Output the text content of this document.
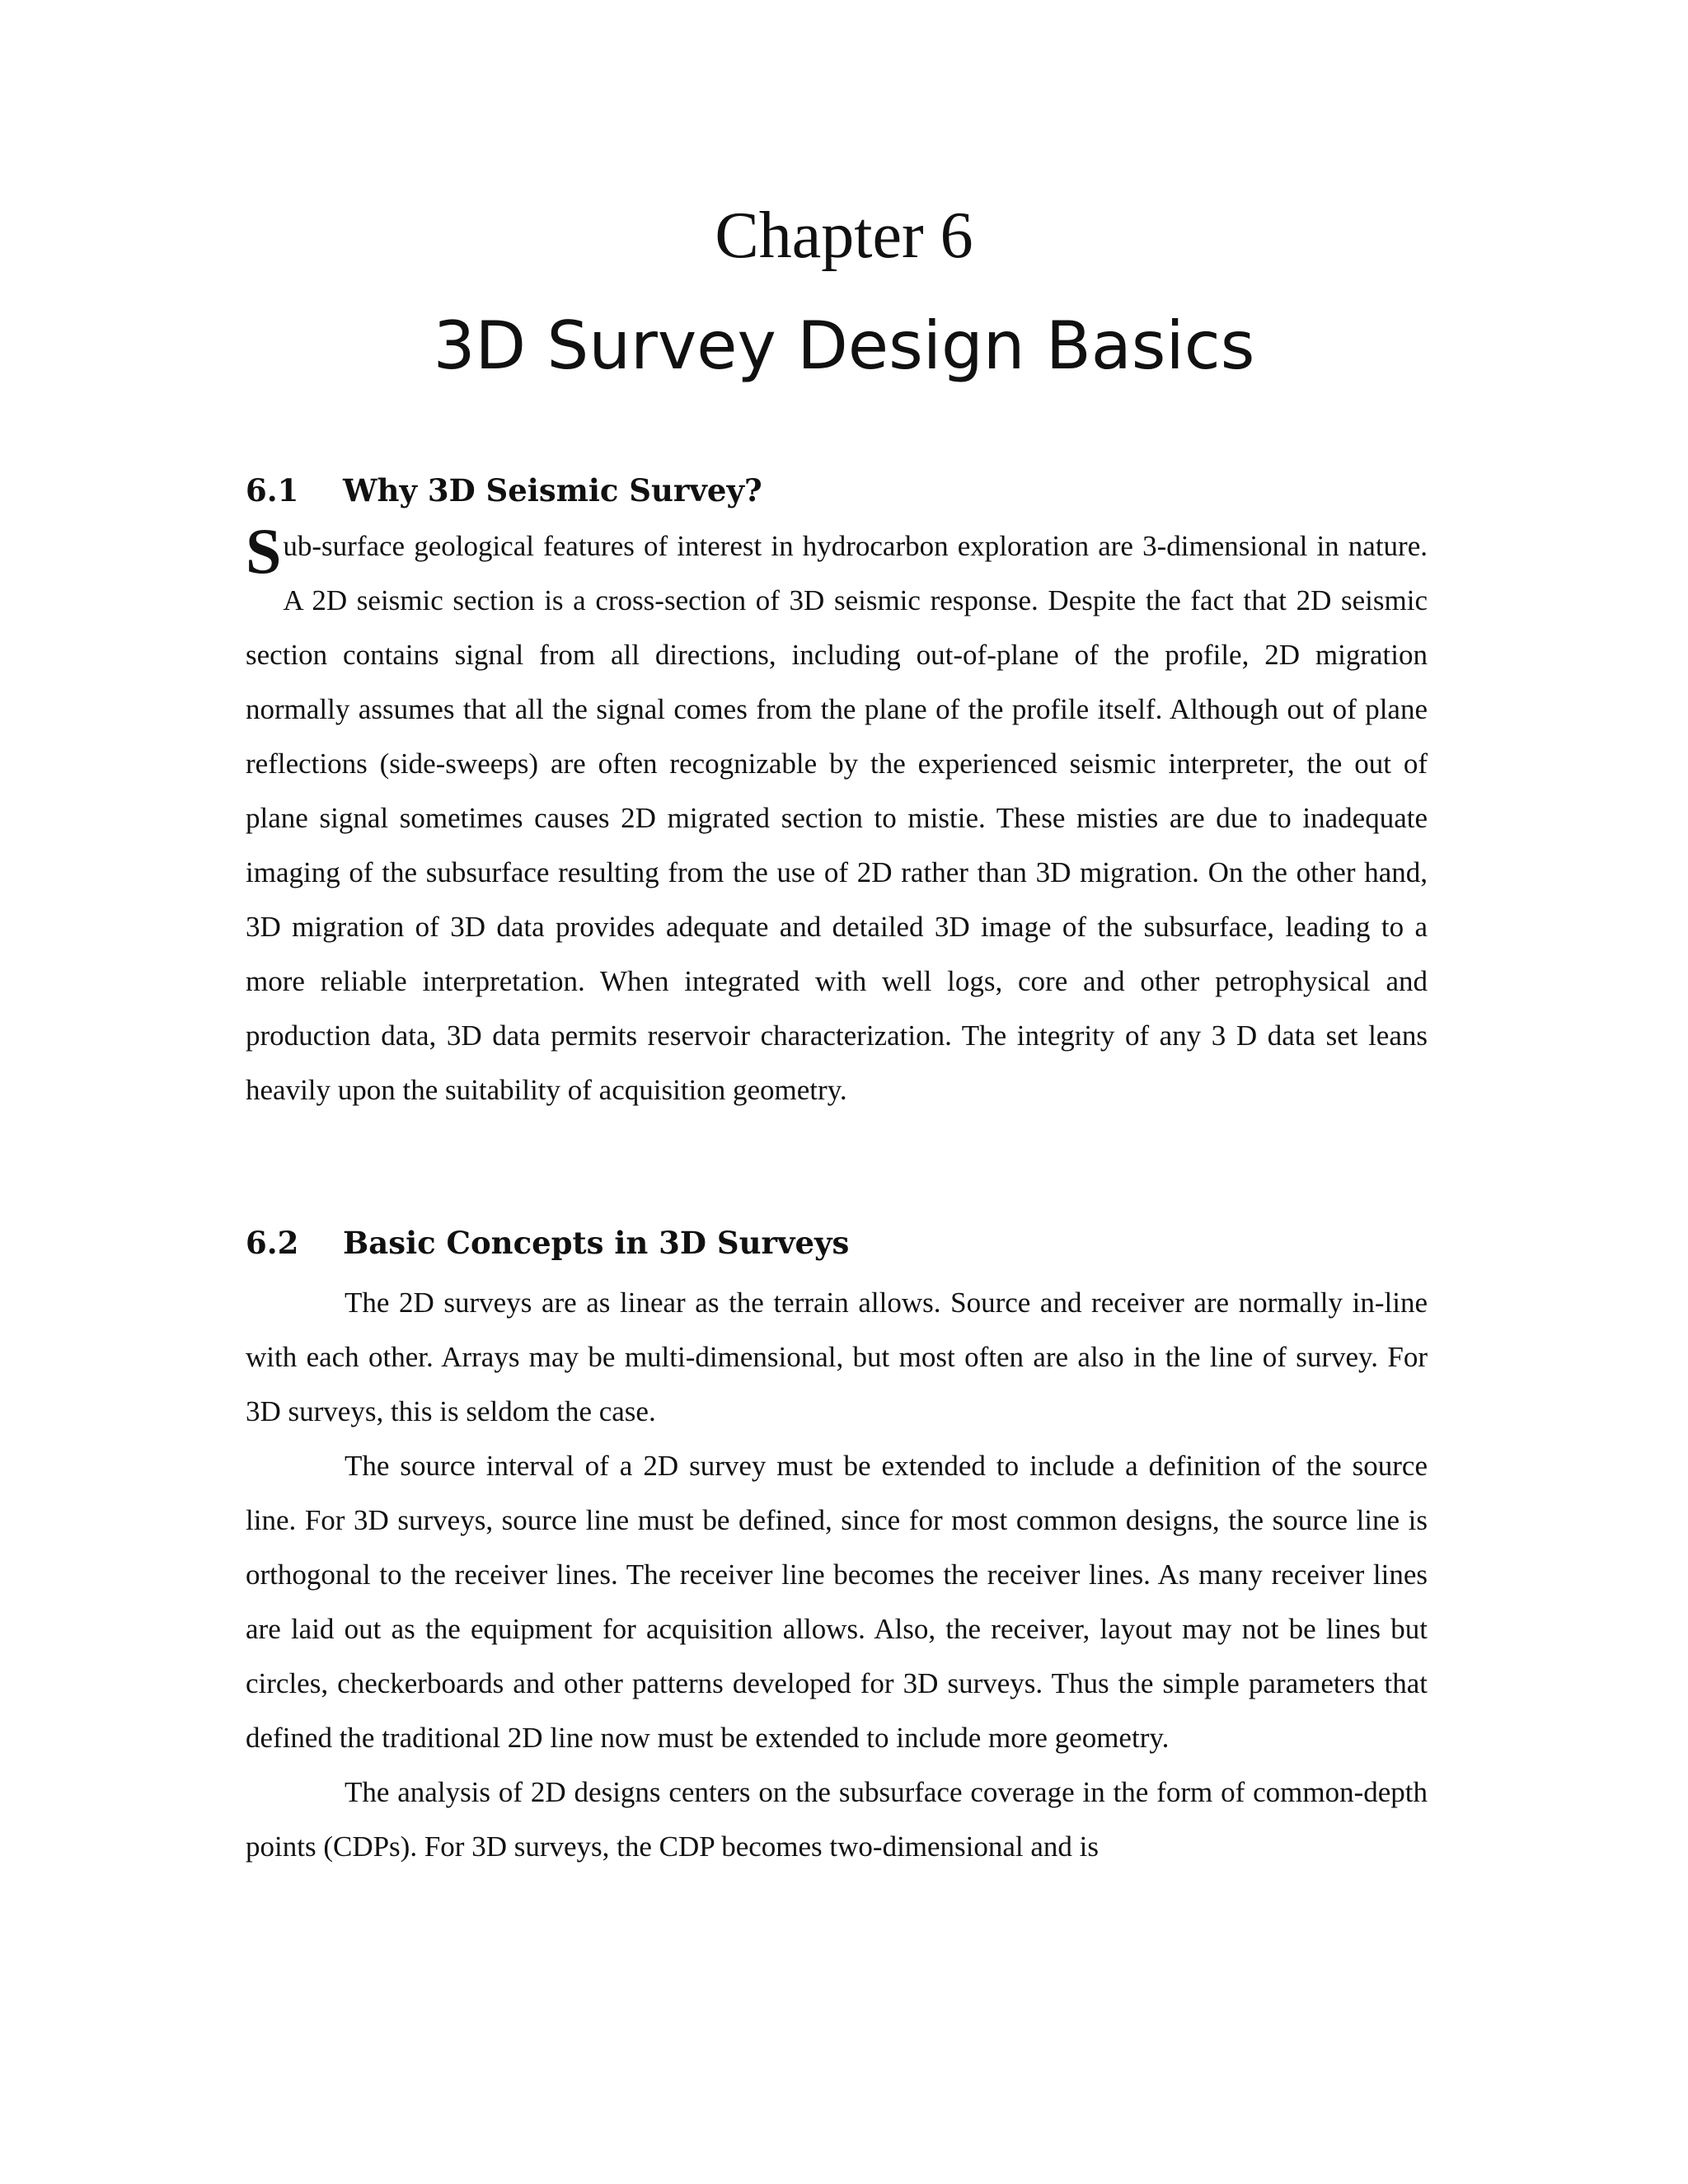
Chapter 6
3D Survey Design Basics
6.1 Why 3D Seismic Survey?

Sub-surface geological features of interest in hydrocarbon exploration are 3-dimensional in nature. A 2D seismic section is a cross-section of 3D seismic response. Despite the fact that 2D seismic section contains signal from all directions, including out-of-plane of the profile, 2D migration normally assumes that all the signal comes from the plane of the profile itself. Although out of plane reflections (side-sweeps) are often recognizable by the experienced seismic interpreter, the out of plane signal sometimes causes 2D migrated section to mistie. These misties are due to inadequate imaging of the subsurface resulting from the use of 2D rather than 3D migration. On the other hand, 3D migration of 3D data provides adequate and detailed 3D image of the subsurface, leading to a more reliable interpretation. When integrated with well logs, core and other petrophysical and production data, 3D data permits reservoir characterization. The integrity of any 3 D data set leans heavily upon the suitability of acquisition geometry.

6.2 Basic Concepts in 3D Surveys

The 2D surveys are as linear as the terrain allows. Source and receiver are normally in-line with each other. Arrays may be multi-dimensional, but most often are also in the line of survey. For 3D surveys, this is seldom the case.

The source interval of a 2D survey must be extended to include a definition of the source line. For 3D surveys, source line must be defined, since for most common designs, the source line is orthogonal to the receiver lines. The receiver line becomes the receiver lines. As many receiver lines are laid out as the equipment for acquisition allows. Also, the receiver, layout may not be lines but circles, checkerboards and other patterns developed for 3D surveys. Thus the simple parameters that defined the traditional 2D line now must be extended to include more geometry.

The analysis of 2D designs centers on the subsurface coverage in the form of common-depth points (CDPs). For 3D surveys, the CDP becomes two-dimensional and is
